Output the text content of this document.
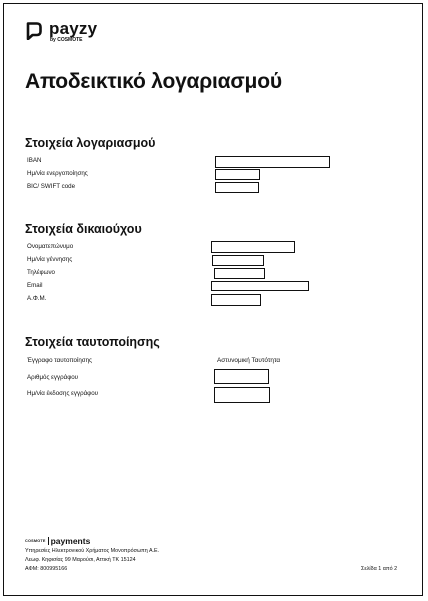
payzy
by COSMOTE
Αποδεικτικό λογαριασμού
Στοιχεία λογαριασμού
IBAN
Ημ/νία ενεργοποίησης
BIC/ SWIFT code
Στοιχεία δικαιούχου
Ονοματεπώνυμο
Ημ/νία γέννησης
Τηλέφωνο
Email
Α.Φ.Μ.
Στοιχεία ταυτοποίησης
Έγγραφο ταυτοποίησης	Αστυνομική Ταυτότητα
Αριθμός εγγράφου
Ημ/νία έκδοσης εγγράφου
COSMOTE payments
Υπηρεσίες Ηλεκτρονικού Χρήματος Μονοπρόσωπη Α.Ε.
Λεωφ. Κηφισίας 99 Μαρούσι, Αττική ΤΚ 15124
ΑΦΜ: 800995166	Σελίδα 1 από 2
